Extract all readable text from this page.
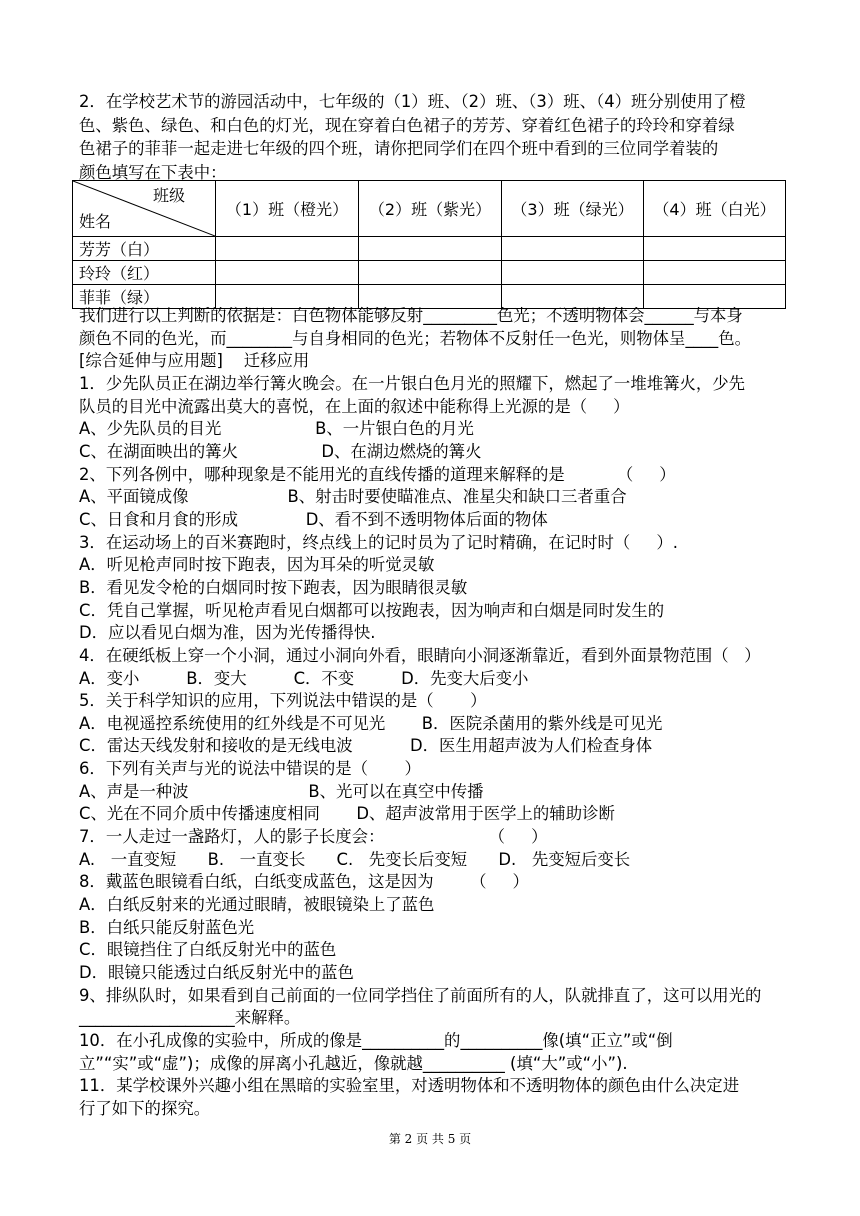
2．在学校艺术节的游园活动中，七年级的（1）班、（2）班、（3）班、（4）班分别使用了橙
色、紫色、绿色、和白色的灯光，现在穿着白色裙子的芳芳、穿着红色裙子的玲玲和穿着绿
色裙子的菲菲一起走进七年级的四个班，请你把同学们在四个班中看到的三位同学着装的
颜色填写在下表中：
班级
姓名	（1）班（橙光）	（2）班（紫光）	（3）班（绿光）	（4）班（白光）
芳芳（白）				
玲玲（红）				
菲菲（绿）				

我们进行以上判断的依据是：白色物体能够反射_________色光；不透明物体会______与本身

颜色不同的色光，而________与自身相同的色光；若物体不反射任一色光，则物体呈____色。

[综合延伸与应用题]    迁移应用

1．少先队员正在湖边举行篝火晚会。在一片银白色月光的照耀下，燃起了一堆堆篝火，少先

队员的目光中流露出莫大的喜悦，在上面的叙述中能称得上光源的是（     ）

A、少先队员的目光                  B、一片银白色的月光

C、在湖面映出的篝火                D、在湖边燃烧的篝火

2、下列各例中，哪种现象是不能用光的直线传播的道理来解释的是          （     ）

A、平面镜成像                   B、射击时要使瞄准点、准星尖和缺口三者重合

C、日食和月食的形成             D、看不到不透明物体后面的物体

3．在运动场上的百米赛跑时，终点线上的记时员为了记时精确，在记时时（     ）.

A．听见枪声同时按下跑表，因为耳朵的听觉灵敏

B．看见发令枪的白烟同时按下跑表，因为眼睛很灵敏

C．凭自己掌握，听见枪声看见白烟都可以按跑表，因为响声和白烟是同时发生的

D．应以看见白烟为准，因为光传播得快.

4．在硬纸板上穿一个小洞，通过小洞向外看，眼睛向小洞逐渐靠近，看到外面景物范围（   ）

A．变小         B．变大         C．不变         D．先变大后变小

5．关于科学知识的应用，下列说法中错误的是（       ）

A．电视遥控系统使用的红外线是不可见光       B．医院杀菌用的紫外线是可见光

C．雷达天线发射和接收的是无线电波           D．医生用超声波为人们检查身体

6．下列有关声与光的说法中错误的是（       ）

A、声是一种波                       B、光可以在真空中传播

C、光在不同介质中传播速度相同       D、超声波常用于医学上的辅助诊断

7．一人走过一盏路灯，人的影子长度会：                    （     ）

A.   一直变短      B.   一直变长      C.   先变长后变短      D.   先变短后变长

8．戴蓝色眼镜看白纸，白纸变成蓝色，这是因为       （     ）

A．白纸反射来的光通过眼睛，被眼镜染上了蓝色

B．白纸只能反射蓝色光

C．眼镜挡住了白纸反射光中的蓝色

D．眼镜只能透过白纸反射光中的蓝色

9、排纵队时，如果看到自己前面的一位同学挡住了前面所有的人，队就排直了，这可以用光的

___________________来解释。

10．在小孔成像的实验中，所成的像是__________的__________像(填“正立”或“倒

立”“实”或“虚”)；成像的屏离小孔越近，像就越__________ (填“大”或“小”).

11．某学校课外兴趣小组在黑暗的实验室里，对透明物体和不透明物体的颜色由什么决定进

行了如下的探究。

第 2 页 共 5 页
